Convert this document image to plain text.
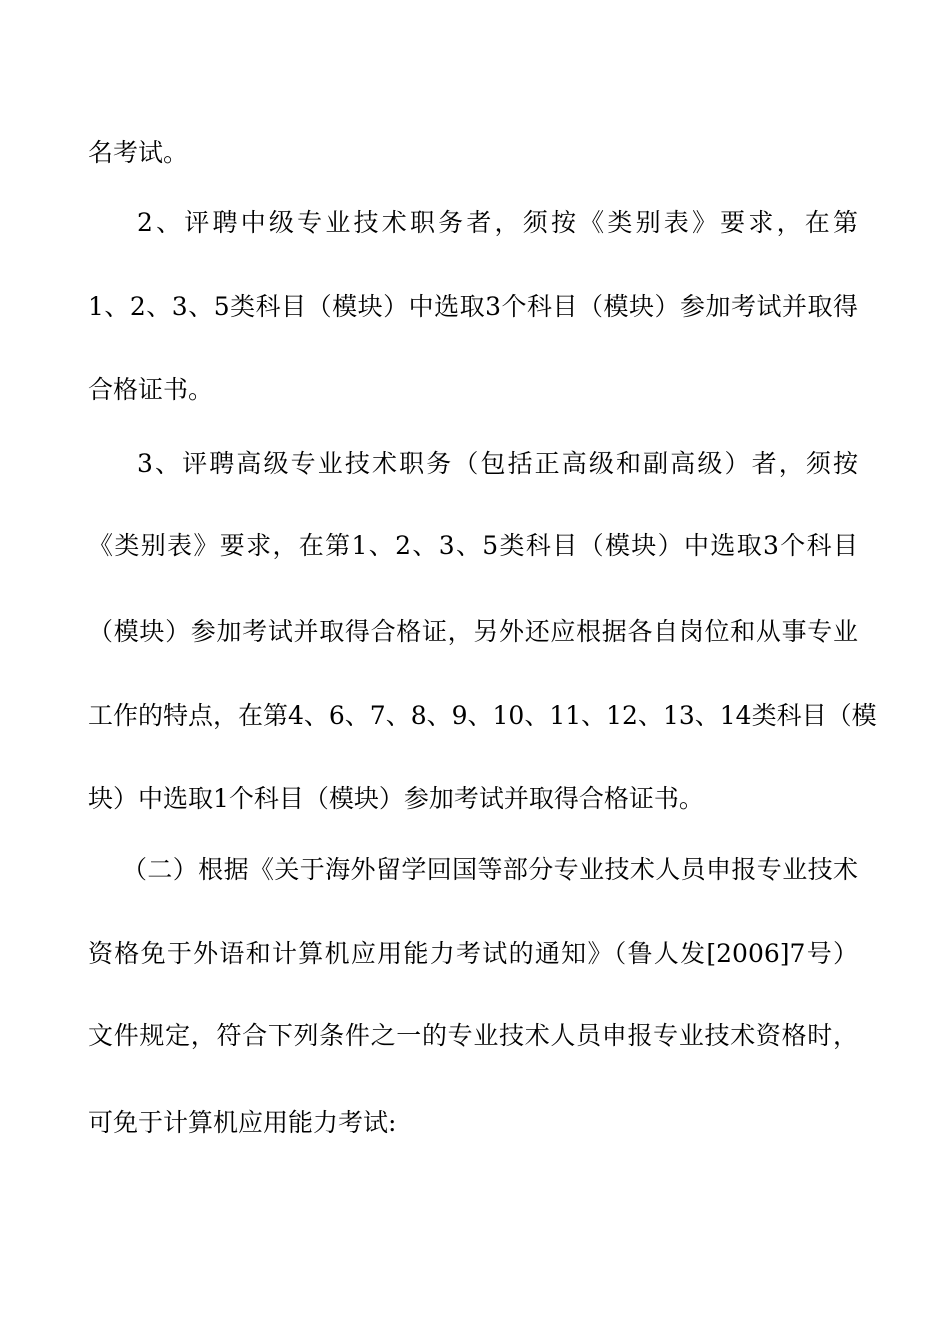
名考试。

2、评聘中级专业技术职务者，须按《类别表》要求，在第

1、2、3、5类科目（模块）中选取3个科目（模块）参加考试并取得

合格证书。

3、评聘高级专业技术职务（包括正高级和副高级）者，须按

《类别表》要求，在第1、2、3、5类科目（模块）中选取3个科目

（模块）参加考试并取得合格证，另外还应根据各自岗位和从事专业

工作的特点，在第4、6、7、8、9、10、11、12、13、14类科目（模

块）中选取1个科目（模块）参加考试并取得合格证书。

（二）根据《关于海外留学回国等部分专业技术人员申报专业技术

资格免于外语和计算机应用能力考试的通知》（鲁人发[2006]7号）

文件规定，符合下列条件之一的专业技术人员申报专业技术资格时，

可免于计算机应用能力考试:
